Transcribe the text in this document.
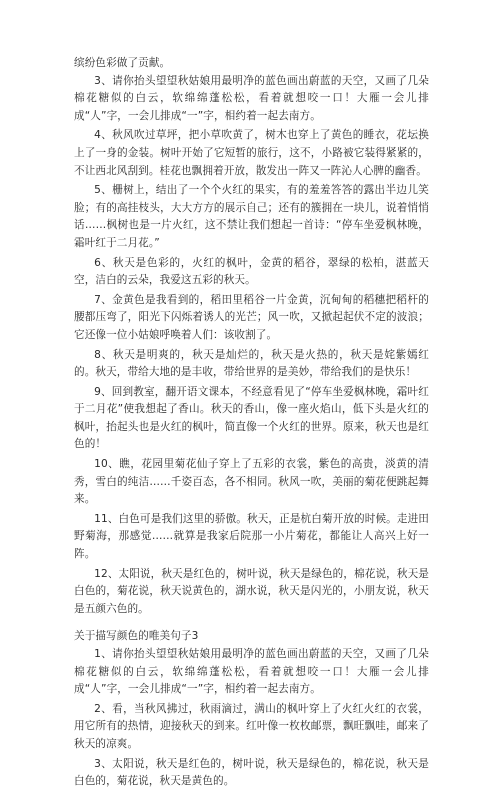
缤纷色彩做了贡献。

3、请你抬头望望秋姑娘用最明净的蓝色画出蔚蓝的天空，又画了几朵棉花糖似的白云，软绵绵蓬松松，看着就想咬一口！大雁一会儿排成“人”字，一会儿排成“一”字，相约着一起去南方。

4、秋风吹过草坪，把小草吹黄了，树木也穿上了黄色的睡衣，花坛换上了一身的金装。树叶开始了它短暂的旅行，这不，小路被它装得紧紧的，不让西北风刮到。桂花也飘拥着开放，散发出一阵又一阵沁人心脾的幽香。

5、栅树上，结出了一个个火红的果实，有的羞羞答答的露出半边儿笑脸；有的高挂枝头，大大方方的展示自己；还有的簇拥在一块儿，说着悄悄话……枫树也是一片火红，这不禁让我们想起一首诗：“停车坐爱枫林晚，霜叶红于二月花。”

6、秋天是色彩的，火红的枫叶，金黄的稻谷，翠绿的松柏，湛蓝天空，洁白的云朵，我爱这五彩的秋天。

7、金黄色是我看到的，稻田里稻谷一片金黄，沉甸甸的稻穗把稻杆的腰都压弯了，阳光下闪烁着诱人的光芒；风一吹，又掀起起伏不定的波浪；它还像一位小姑娘呼唤着人们：该收割了。

8、秋天是明爽的，秋天是灿烂的，秋天是火热的，秋天是姹紫嫣红的。秋天，带给大地的是丰收，带给世界的是美妙，带给我们的是快乐！

9、回到教室，翻开语文课本，不经意看见了“停车坐爱枫林晚，霜叶红于二月花”使我想起了香山。秋天的香山，像一座火焰山，低下头是火红的枫叶，抬起头也是火红的枫叶，简直像一个火红的世界。原来，秋天也是红色的！

10、瞧，花园里菊花仙子穿上了五彩的衣裳，紫色的高贵，淡黄的清秀，雪白的纯洁……千姿百态，各不相同。秋风一吹，美丽的菊花便跳起舞来。

11、白色可是我们这里的骄傲。秋天，正是杭白菊开放的时候。走进田野菊海，那感觉……就算是我家后院那一小片菊花，都能让人高兴上好一阵。

12、太阳说，秋天是红色的，树叶说，秋天是绿色的，棉花说，秋天是白色的，菊花说，秋天说黄色的，湖水说，秋天是闪光的，小朋友说，秋天是五颜六色的。

关于描写颜色的唯美句子3

1、请你抬头望望秋姑娘用最明净的蓝色画出蔚蓝的天空，又画了几朵棉花糖似的白云，软绵绵蓬松松，看着就想咬一口！大雁一会儿排成“人”字，一会儿排成“一”字，相约着一起去南方。

2、看，当秋风拂过，秋雨滴过，满山的枫叶穿上了火红火红的衣裳，用它所有的热情，迎接秋天的到来。红叶像一枚枚邮票，飘旺飘哇，邮来了秋天的凉爽。

3、太阳说，秋天是红色的，树叶说，秋天是绿色的，棉花说，秋天是白色的，菊花说，秋天是黄色的。
